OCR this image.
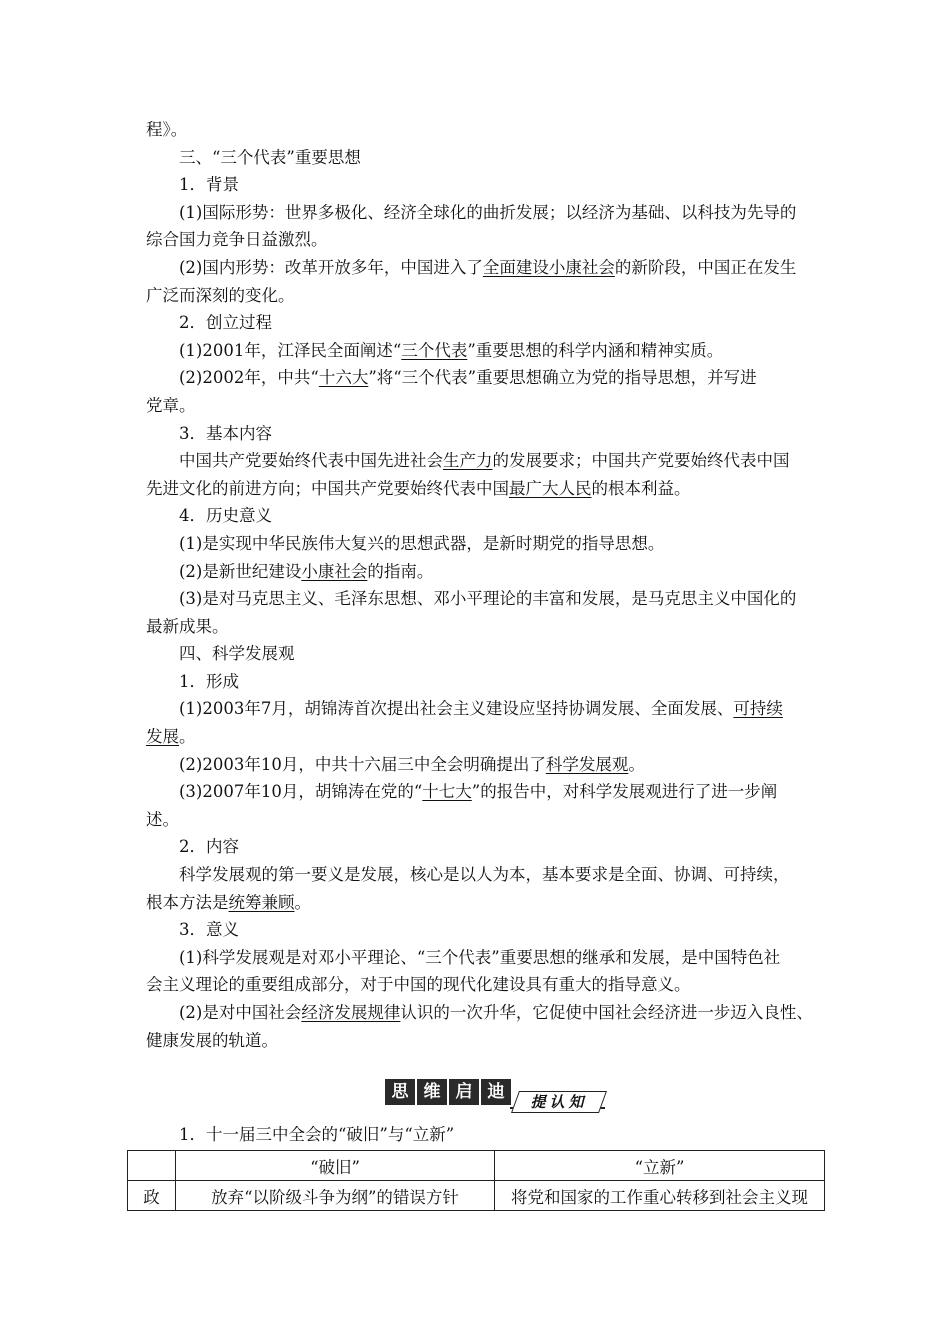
程》。
三、“三个代表”重要思想
1．背景
(1)国际形势：世界多极化、经济全球化的曲折发展；以经济为基础、以科技为先导的
综合国力竞争日益激烈。
(2)国内形势：改革开放多年，中国进入了全面建设小康社会的新阶段，中国正在发生
广泛而深刻的变化。
2．创立过程
(1)2001年，江泽民全面阐述“三个代表”重要思想的科学内涵和精神实质。
(2)2002年，中共“十六大”将“三个代表”重要思想确立为党的指导思想，并写进
党章。
3．基本内容
中国共产党要始终代表中国先进社会生产力的发展要求；中国共产党要始终代表中国
先进文化的前进方向；中国共产党要始终代表中国最广大人民的根本利益。
4．历史意义
(1)是实现中华民族伟大复兴的思想武器，是新时期党的指导思想。
(2)是新世纪建设小康社会的指南。
(3)是对马克思主义、毛泽东思想、邓小平理论的丰富和发展，是马克思主义中国化的
最新成果。
四、科学发展观
1．形成
(1)2003年7月，胡锦涛首次提出社会主义建设应坚持协调发展、全面发展、可持续
发展。
(2)2003年10月，中共十六届三中全会明确提出了科学发展观。
(3)2007年10月，胡锦涛在党的“十七大”的报告中，对科学发展观进行了进一步阐
述。
2．内容
科学发展观的第一要义是发展，核心是以人为本，基本要求是全面、协调、可持续，
根本方法是统筹兼顾。
3．意义
(1)科学发展观是对邓小平理论、“三个代表”重要思想的继承和发展，是中国特色社
会主义理论的重要组成部分，对于中国的现代化建设具有重大的指导意义。
(2)是对中国社会经济发展规律认识的一次升华，它促使中国社会经济进一步迈入良性、
健康发展的轨道。
思 维 启 迪	提认知
1．十一届三中全会的“破旧”与“立新”
	“破旧”	“立新”
政	放弃“以阶级斗争为纲”的错误方针	将党和国家的工作重心转移到社会主义现
